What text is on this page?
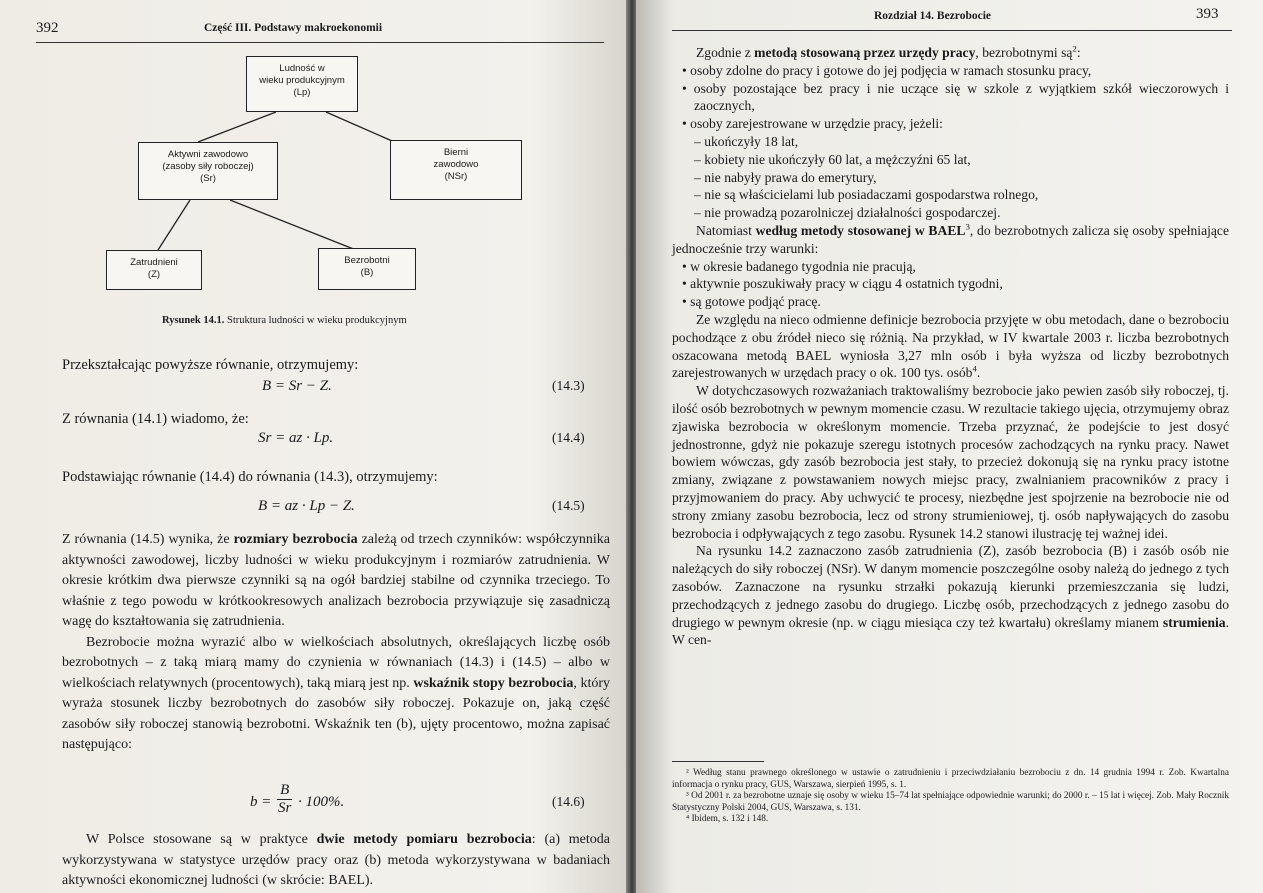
392	Część III. Podstawy makroekonomii
Ludność w
wieku produkcyjnym
(Lp)
Aktywni zawodowo
(zasoby siły roboczej)
(Sr)
Bierni
zawodowo
(NSr)
Zatrudnieni
(Z)
Bezrobotni
(B)
Rysunek 14.1. Struktura ludności w wieku produkcyjnym
Przekształcając powyższe równanie, otrzymujemy:
B = Sr − Z.	(14.3)
Z równania (14.1) wiadomo, że:
Sr = az · Lp.	(14.4)
Podstawiając równanie (14.4) do równania (14.3), otrzymujemy:
B = az · Lp − Z.	(14.5)

Z równania (14.5) wynika, że rozmiary bezrobocia zależą od trzech czynników: współczynnika aktywności zawodowej, liczby ludności w wieku produkcyjnym i rozmiarów zatrudnienia. W okresie krótkim dwa pierwsze czynniki są na ogół bardziej stabilne od czynnika trzeciego. To właśnie z tego powodu w krótkookresowych analizach bezrobocia przywiązuje się zasadniczą wagę do kształtowania się zatrudnienia.

Bezrobocie można wyrazić albo w wielkościach absolutnych, określających liczbę osób bezrobotnych – z taką miarą mamy do czynienia w równaniach (14.3) i (14.5) – albo w wielkościach relatywnych (procentowych), taką miarą jest np. wskaźnik stopy bezrobocia, który wyraża stosunek liczby bezrobotnych do zasobów siły roboczej. Pokazuje on, jaką część zasobów siły roboczej stanowią bezrobotni. Wskaźnik ten (b), ujęty procentowo, można zapisać następująco:

$b = \frac{B}{Sr} \cdot 100\%$.	(14.6)

W Polsce stosowane są w praktyce dwie metody pomiaru bezrobocia: (a) metoda wykorzystywana w statystyce urzędów pracy oraz (b) metoda wykorzystywana w badaniach aktywności ekonomicznej ludności (w skrócie: BAEL).

Rozdział 14. Bezrobocie	393

Zgodnie z metodą stosowaną przez urzędy pracy, bezrobotnymi $są^2$:

• osoby zdolne do pracy i gotowe do jej podjęcia w ramach stosunku pracy,
• osoby pozostające bez pracy i nie uczące się w szkole z wyjątkiem szkół wieczorowych i zaocznych,
• osoby zarejestrowane w urzędzie pracy, jeżeli:
– ukończyły 18 lat,
– kobiety nie ukończyły 60 lat, a mężczyźni 65 lat,
– nie nabyły prawa do emerytury,
– nie są właścicielami lub posiadaczami gospodarstwa rolnego,
– nie prowadzą pozarolniczej działalności gospodarczej.

Natomiast według metody stosowanej w BAEL$^3$, do bezrobotnych zalicza się osoby spełniające jednocześnie trzy warunki:

• w okresie badanego tygodnia nie pracują,
• aktywnie poszukiwały pracy w ciągu 4 ostatnich tygodni,
• są gotowe podjąć pracę.

Ze względu na nieco odmienne definicje bezrobocia przyjęte w obu metodach, dane o bezrobociu pochodzące z obu źródeł nieco się różnią. Na przykład, w IV kwartale 2003 r. liczba bezrobotnych oszacowana metodą BAEL wyniosła 3,27 mln osób i była wyższa od liczby bezrobotnych zarejestrowanych w urzędach pracy o ok. 100 tys. osób$^4$.

W dotychczasowych rozważaniach traktowaliśmy bezrobocie jako pewien zasób siły roboczej, tj. ilość osób bezrobotnych w pewnym momencie czasu. W rezultacie takiego ujęcia, otrzymujemy obraz zjawiska bezrobocia w określonym momencie. Trzeba przyznać, że podejście to jest dosyć jednostronne, gdyż nie pokazuje szeregu istotnych procesów zachodzących na rynku pracy. Nawet bowiem wówczas, gdy zasób bezrobocia jest stały, to przecież dokonują się na rynku pracy istotne zmiany, związane z powstawaniem nowych miejsc pracy, zwalnianiem pracowników z pracy i przyjmowaniem do pracy. Aby uchwycić te procesy, niezbędne jest spojrzenie na bezrobocie nie od strony zmiany zasobu bezrobocia, lecz od strony strumieniowej, tj. osób napływających do zasobu bezrobocia i odpływających z tego zasobu. Rysunek 14.2 stanowi ilustrację tej ważnej idei.

Na rysunku 14.2 zaznaczono zasób zatrudnienia (Z), zasób bezrobocia (B) i zasób osób nie należących do siły roboczej (NSr). W danym momencie poszczególne osoby należą do jednego z tych zasobów. Zaznaczone na rysunku strzałki pokazują kierunki przemieszczania się ludzi, przechodzących z jednego zasobu do drugiego. Liczbę osób, przechodzących z jednego zasobu do drugiego w pewnym okresie (np. w ciągu miesiąca czy też kwartału) określamy mianem strumienia. W cen-

² Według stanu prawnego określonego w ustawie o zatrudnieniu i przeciwdziałaniu bezrobociu z dn. 14 grudnia 1994 r. Zob. Kwartalna informacja o rynku pracy, GUS, Warszawa, sierpień 1995, s. 1.

³ Od 2001 r. za bezrobotne uznaje się osoby w wieku 15–74 lat spełniające odpowiednie warunki; do 2000 r. – 15 lat i więcej. Zob. Mały Rocznik Statystyczny Polski 2004, GUS, Warszawa, s. 131.

⁴ Ibidem, s. 132 i 148.
